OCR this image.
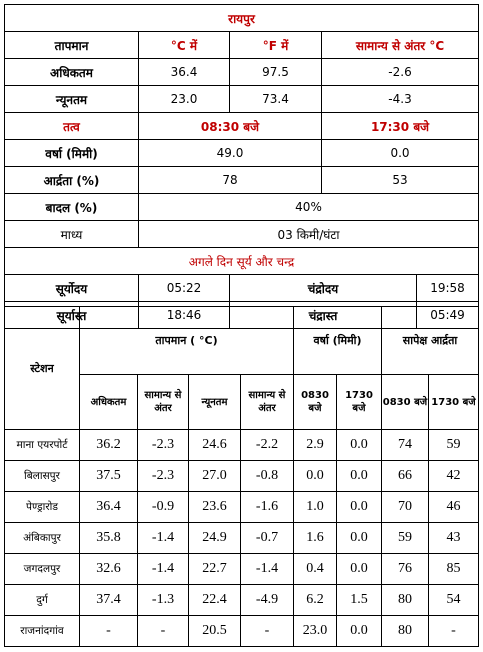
रायपुर				
तापमान	°C में	°F में	सामान्य से अंतर °C	
अधिकतम	36.4	97.5	-2.6	
न्यूनतम	23.0	73.4	-4.3	
तत्व	08:30 बजे		17:30 बजे	
वर्षा (मिमी)	49.0		0.0	
आर्द्रता (%)	78		53	
बादल (%)	40%			
माध्य	03 किमी/घंटा			
अगले दिन सूर्य और चन्द्र				
सूर्योदय	05:22	चंद्रोदय		19:58
सूर्यास्त	18:46	चंद्रास्त		05:49
स्टेशन	तापमान ( °C)				वर्षा (मिमी)		सापेक्ष आर्द्रता	
	अधिकतम	सामान्य से अंतर	न्यूनतम	सामान्य से अंतर	0830 बजे	1730 बजे	0830 बजे	1730 बजे
माना एयरपोर्ट	36.2	-2.3	24.6	-2.2	2.9	0.0	74	59
बिलासपुर	37.5	-2.3	27.0	-0.8	0.0	0.0	66	42
पेण्ड्रारोड	36.4	-0.9	23.6	-1.6	1.0	0.0	70	46
अंबिकापुर	35.8	-1.4	24.9	-0.7	1.6	0.0	59	43
जगदलपुर	32.6	-1.4	22.7	-1.4	0.4	0.0	76	85
दुर्ग	37.4	-1.3	22.4	-4.9	6.2	1.5	80	54
राजनांदगांव	-	-	20.5	-	23.0	0.0	80	-
